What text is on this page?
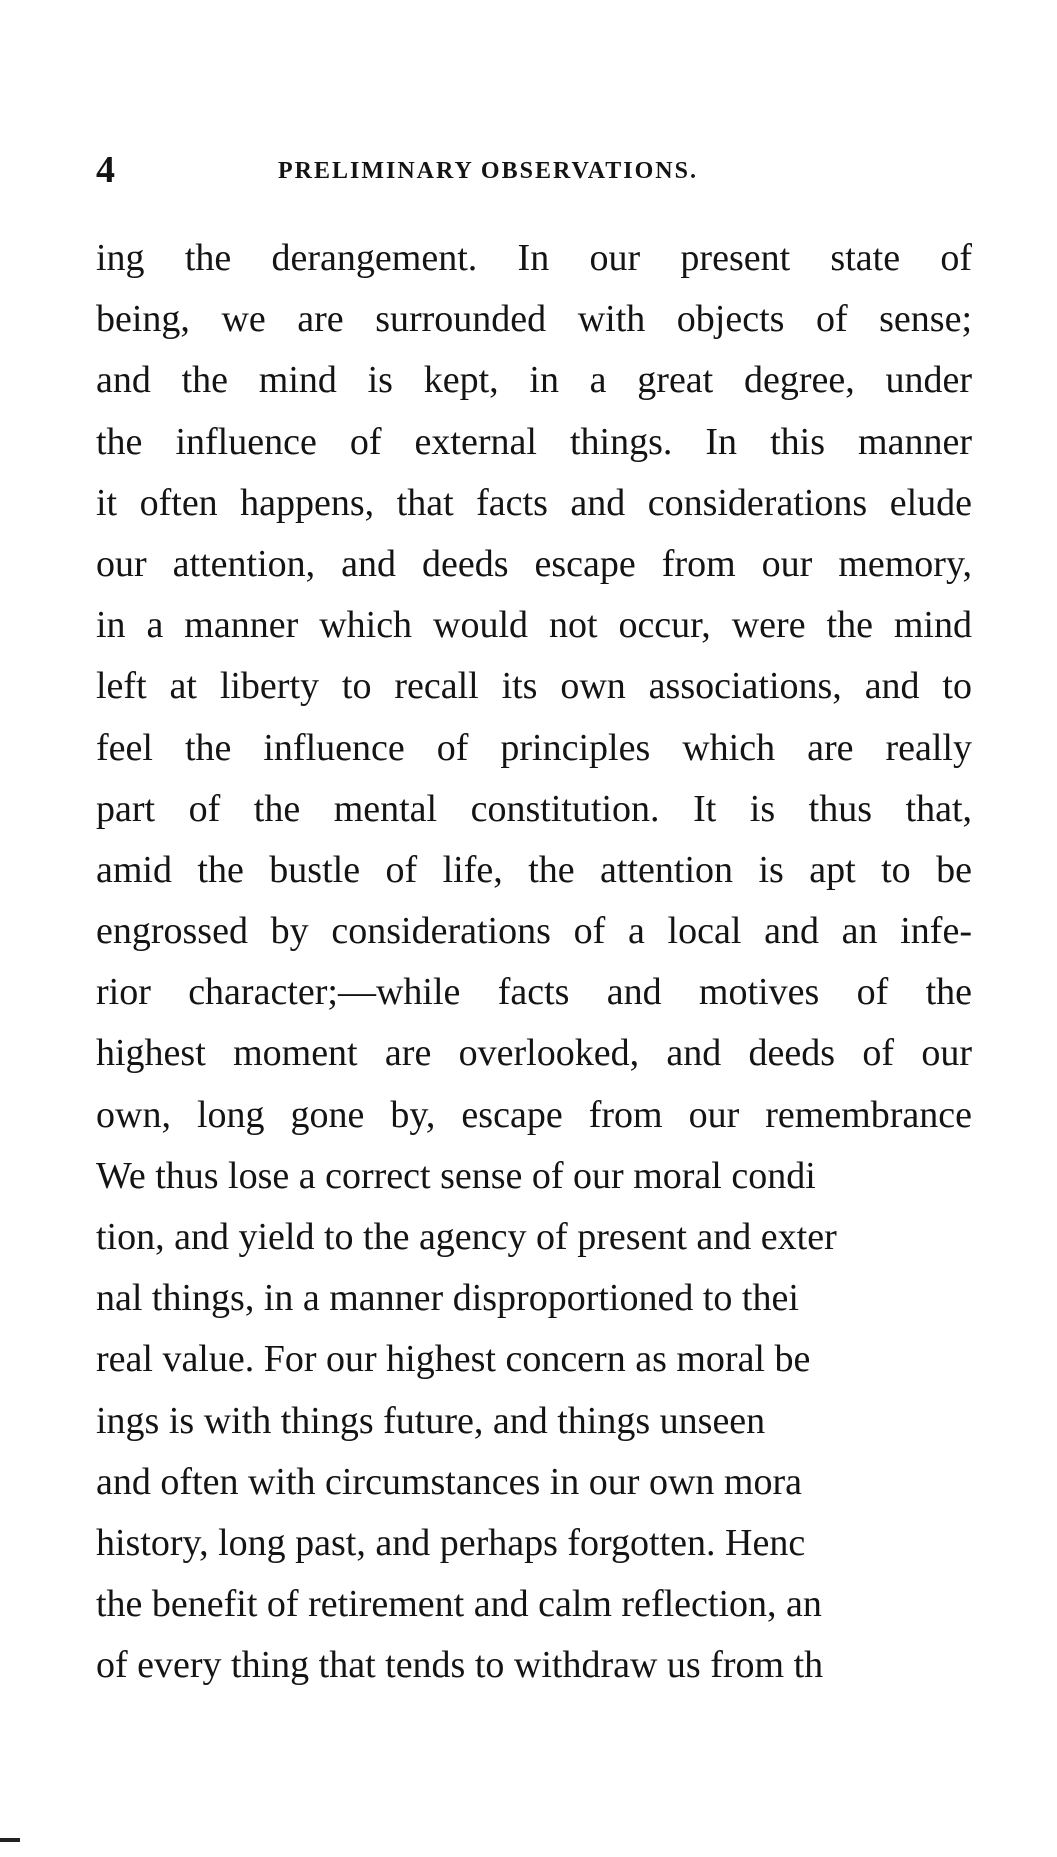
4	PRELIMINARY OBSERVATIONS.
ing the derangement. In our present state of
being, we are surrounded with objects of sense;
and the mind is kept, in a great degree, under
the influence of external things. In this manner
it often happens, that facts and considerations elude
our attention, and deeds escape from our memory,
in a manner which would not occur, were the mind
left at liberty to recall its own associations, and to
feel the influence of principles which are really
part of the mental constitution. It is thus that,
amid the bustle of life, the attention is apt to be
engrossed by considerations of a local and an infe-
rior character;—while facts and motives of the
highest moment are overlooked, and deeds of our
own, long gone by, escape from our remembrance
We thus lose a correct sense of our moral condi
tion, and yield to the agency of present and exter
nal things, in a manner disproportioned to thei
real value. For our highest concern as moral be
ings is with things future, and things unseen
and often with circumstances in our own mora
history, long past, and perhaps forgotten. Henc
the benefit of retirement and calm reflection, an
of every thing that tends to withdraw us from th
